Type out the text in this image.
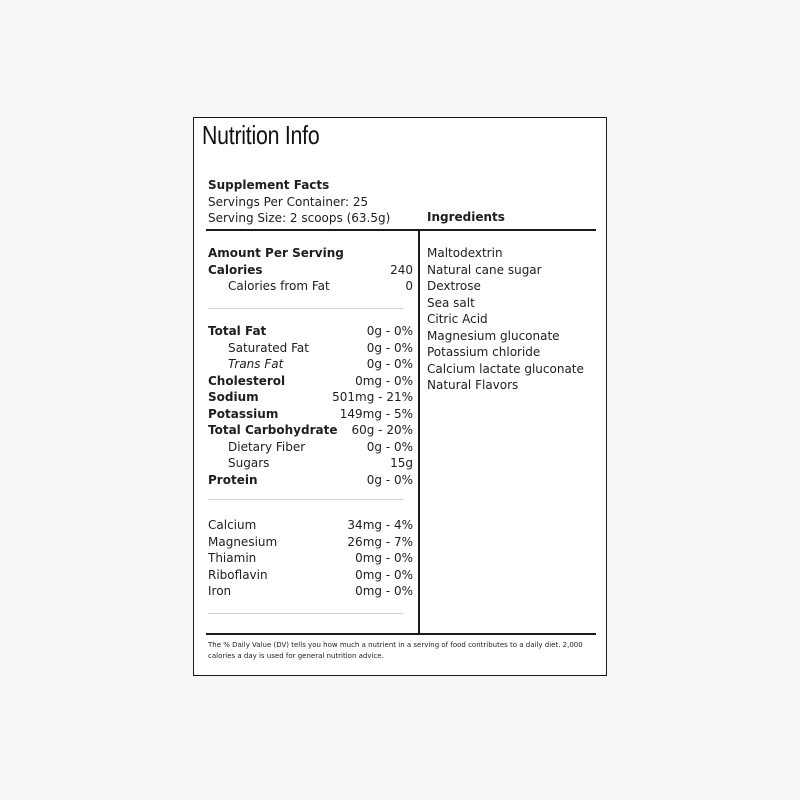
Nutrition Info
Supplement Facts
Servings Per Container: 25
Serving Size: 2 scoops (63.5g)	Ingredients
Amount Per Serving
Calories	240
Calories from Fat	0
Total Fat	0g - 0%
Saturated Fat	0g - 0%
Trans Fat	0g - 0%
Cholesterol	0mg - 0%
Sodium	501mg - 21%
Potassium	149mg - 5%
Total Carbohydrate 60g - 20%
Dietary Fiber	0g - 0%
Sugars	15g
Protein	0g - 0%
Calcium	34mg - 4%
Magnesium	26mg - 7%
Thiamin	0mg - 0%
Riboflavin	0mg - 0%
Iron	0mg - 0%
Maltodextrin
Natural cane sugar
Dextrose
Sea salt
Citric Acid
Magnesium gluconate
Potassium chloride
Calcium lactate gluconate
Natural Flavors
The % Daily Value (DV) tells you how much a nutrient in a serving of food contributes to a daily diet. 2,000 calories a day is used for general nutrition advice.
